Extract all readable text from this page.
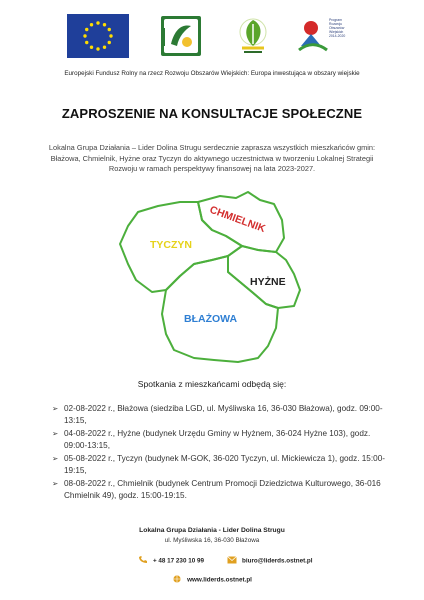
Program
Rozwoju
Obszarów
Wiejskich
2014-2020
Europejski Fundusz Rolny na rzecz Rozwoju Obszarów Wiejskich: Europa inwestująca w obszary wiejskie
ZAPROSZENIE NA KONSULTACJE SPOŁECZNE

Lokalna Grupa Działania – Lider Dolina Strugu serdecznie zaprasza wszystkich mieszkańców gmin: Błażowa, Chmielnik, Hyżne oraz Tyczyn do aktywnego uczestnictwa w tworzeniu Lokalnej Strategii Rozwoju w ramach perspektywy finansowej na lata 2023-2027.

CHMIELNIK
TYCZYN
HYŻNE
BŁAŻOWA
Spotkania z mieszkańcami odbędą się:
➢ 02-08-2022 r., Błażowa (siedziba LGD, ul. Myśliwska 16, 36-030 Błażowa), godz. 09:00-13:15,
➢ 04-08-2022 r., Hyżne (budynek Urzędu Gminy w Hyżnem, 36-024 Hyżne 103), godz. 09:00-13:15,
➢ 05-08-2022 r., Tyczyn (budynek M-GOK, 36-020 Tyczyn, ul. Mickiewicza 1), godz. 15:00-19:15,
➢ 08-08-2022 r., Chmielnik (budynek Centrum Promocji Dziedzictwa Kulturowego, 36-016 Chmielnik 49), godz. 15:00-19:15.
Lokalna Grupa Działania - Lider Dolina Strugu
ul. Myśliwska 16, 36-030 Błażowa
+ 48 17 230 10 99	biuro@liderds.ostnet.pl
www.liderds.ostnet.pl
